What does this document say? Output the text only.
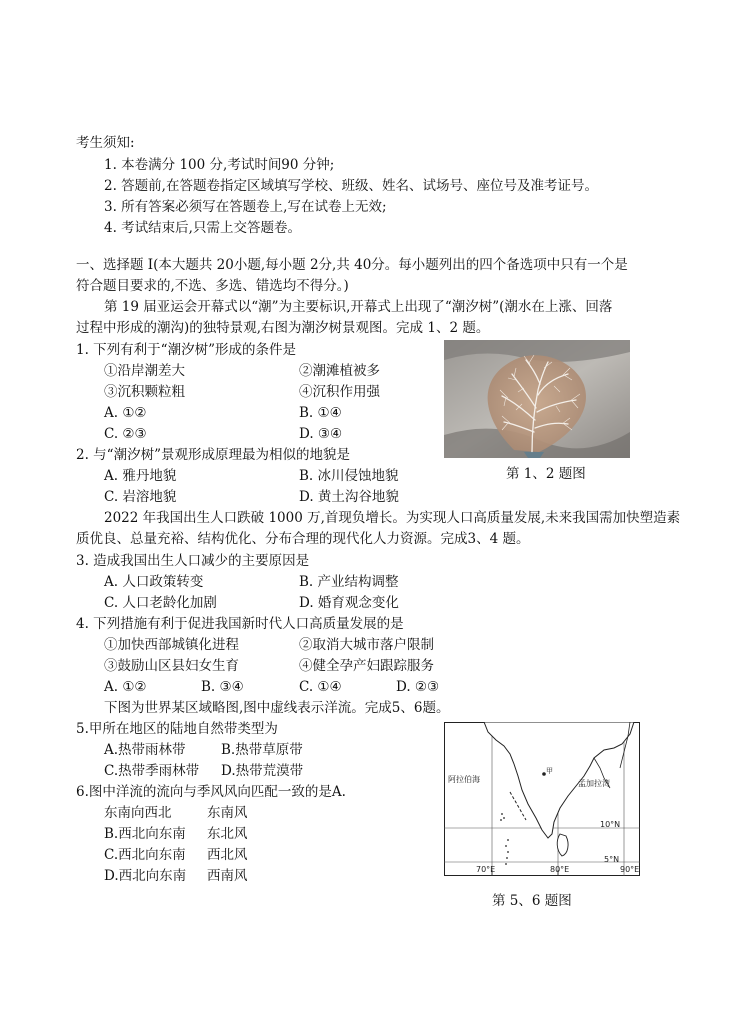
考生须知:
1. 本卷满分 100 分,考试时间90 分钟;
2. 答题前,在答题卷指定区域填写学校、班级、姓名、试场号、座位号及准考证号。
3. 所有答案必须写在答题卷上,写在试卷上无效;
4. 考试结束后,只需上交答题卷。
一、选择题 I(本大题共 20小题,每小题 2分,共 40分。每小题列出的四个备选项中只有一个是
符合题目要求的,不选、多选、错选均不得分。)
第 19 届亚运会开幕式以“潮”为主要标识,开幕式上出现了“潮汐树”(潮水在上涨、回落
过程中形成的潮沟)的独特景观,右图为潮汐树景观图。完成 1、2 题。
1. 下列有利于“潮汐树”形成的条件是
①沿岸潮差大	②潮滩植被多
③沉积颗粒粗	④沉积作用强
A. ①②	B. ①④
C. ②③	D. ③④
2. 与“潮汐树”景观形成原理最为相似的地貌是
A. 雅丹地貌	B. 冰川侵蚀地貌
C. 岩溶地貌	D. 黄土沟谷地貌
第 1、2 题图
2022 年我国出生人口跌破 1000 万,首现负增长。为实现人口高质量发展,未来我国需加快塑造素
质优良、总量充裕、结构优化、分布合理的现代化人力资源。完成3、4 题。
3. 造成我国出生人口减少的主要原因是
A. 人口政策转变	B. 产业结构调整
C. 人口老龄化加剧	D. 婚育观念变化
4. 下列措施有利于促进我国新时代人口高质量发展的是
①加快西部城镇化进程	②取消大城市落户限制
③鼓励山区县妇女生育	④健全孕产妇跟踪服务
A. ①②	B. ③④	C. ①④	D. ②③
下图为世界某区域略图,图中虚线表示洋流。完成5、6题。
5.甲所在地区的陆地自然带类型为
A.热带雨林带	B.热带草原带
C.热带季雨林带 D.热带荒漠带
6.图中洋流的流向与季风风向匹配一致的是A.
东南向西北	东南风
B.西北向东南 东北风
C.西北向东南 西北风
D.西北向东南 西南风
阿拉伯海	孟加拉湾
甲
10°N
5°N
70°E	80°E	90°E
第 5、6 题图
